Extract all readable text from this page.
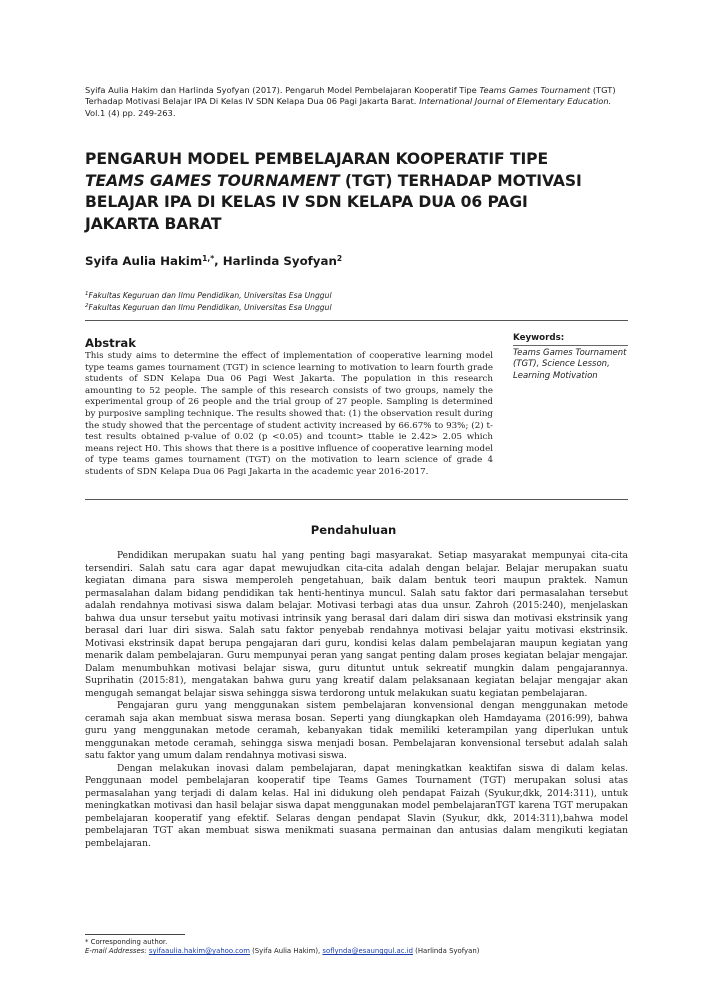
Syifa Aulia Hakim dan Harlinda Syofyan (2017). Pengaruh Model Pembelajaran Kooperatif Tipe Teams Games Tournament (TGT) Terhadap Motivasi Belajar IPA Di Kelas IV SDN Kelapa Dua 06 Pagi Jakarta Barat. International Journal of Elementary Education. Vol.1 (4) pp. 249-263.
PENGARUH MODEL PEMBELAJARAN KOOPERATIF TIPE
TEAMS GAMES TOURNAMENT (TGT) TERHADAP MOTIVASI
BELAJAR IPA DI KELAS IV SDN KELAPA DUA 06 PAGI
JAKARTA BARAT
Syifa Aulia Hakim$^{1,*}$, Harlinda Syofyan$^2$
$^1$Fakultas Keguruan dan Ilmu Pendidikan, Universitas Esa Unggul
$^2$Fakultas Keguruan dan Ilmu Pendidikan, Universitas Esa Unggul
Abstrak
This study aims to determine the effect of implementation of cooperative learning model type teams games tournament (TGT) in science learning to motivation to learn fourth grade students of SDN Kelapa Dua 06 Pagi West Jakarta. The population in this research amounting to 52 people. The sample of this research consists of two groups, namely the experimental group of 26 people and the trial group of 27 people. Sampling is determined by purposive sampling technique. The results showed that: (1) the observation result during the study showed that the percentage of student activity increased by 66.67% to 93%; (2) t-test results obtained p-value of 0.02 (p <0.05) and tcount> ttable ie 2.42> 2.05 which means reject H0. This shows that there is a positive influence of cooperative learning model of type teams games tournament (TGT) on the motivation to learn science of grade 4 students of SDN Kelapa Dua 06 Pagi Jakarta in the academic year 2016-2017.
Keywords:
Teams Games Tournament (TGT), Science Lesson, Learning Motivation
Pendahuluan

Pendidikan merupakan suatu hal yang penting bagi masyarakat. Setiap masyarakat mempunyai cita-cita tersendiri. Salah satu cara agar dapat mewujudkan cita-cita adalah dengan belajar. Belajar merupakan suatu kegiatan dimana para siswa memperoleh pengetahuan, baik dalam bentuk teori maupun praktek. Namun permasalahan dalam bidang pendidikan tak henti-hentinya muncul. Salah satu faktor dari permasalahan tersebut adalah rendahnya motivasi siswa dalam belajar. Motivasi terbagi atas dua unsur. Zahroh (2015:240), menjelaskan bahwa dua unsur tersebut yaitu motivasi intrinsik yang berasal dari dalam diri siswa dan motivasi ekstrinsik yang berasal dari luar diri siswa. Salah satu faktor penyebab rendahnya motivasi belajar yaitu motivasi ekstrinsik. Motivasi ekstrinsik dapat berupa pengajaran dari guru, kondisi kelas dalam pembelajaran maupun kegiatan yang menarik dalam pembelajaran. Guru mempunyai peran yang sangat penting dalam proses kegiatan belajar mengajar. Dalam menumbuhkan motivasi belajar siswa, guru dituntut untuk sekreatif mungkin dalam pengajarannya. Suprihatin (2015:81), mengatakan bahwa guru yang kreatif dalam pelaksanaan kegiatan belajar mengajar akan mengugah semangat belajar siswa sehingga siswa terdorong untuk melakukan suatu kegiatan pembelajaran.

Pengajaran guru yang menggunakan sistem pembelajaran konvensional dengan menggunakan metode ceramah saja akan membuat siswa merasa bosan. Seperti yang diungkapkan oleh Hamdayama (2016:99), bahwa guru yang menggunakan metode ceramah, kebanyakan tidak memiliki keterampilan yang diperlukan untuk menggunakan metode ceramah, sehingga siswa menjadi bosan. Pembelajaran konvensional tersebut adalah salah satu faktor yang umum dalam rendahnya motivasi siswa.

Dengan melakukan inovasi dalam pembelajaran, dapat meningkatkan keaktifan siswa di dalam kelas. Penggunaan model pembelajaran kooperatif tipe Teams Games Tournament (TGT) merupakan solusi atas permasalahan yang terjadi di dalam kelas. Hal ini didukung oleh pendapat Faizah (Syukur,dkk, 2014:311), untuk meningkatkan motivasi dan hasil belajar siswa dapat menggunakan model pembelajaranTGT karena TGT merupakan pembelajaran kooperatif yang efektif. Selaras dengan pendapat Slavin (Syukur, dkk, 2014:311),bahwa model pembelajaran TGT akan membuat siswa menikmati suasana permainan dan antusias dalam mengikuti kegiatan pembelajaran.

* Corresponding author.
E-mail Addresses: syifaaulia.hakim@yahoo.com (Syifa Aulia Hakim), soflynda@esaunggul.ac.id (Harlinda Syofyan)
